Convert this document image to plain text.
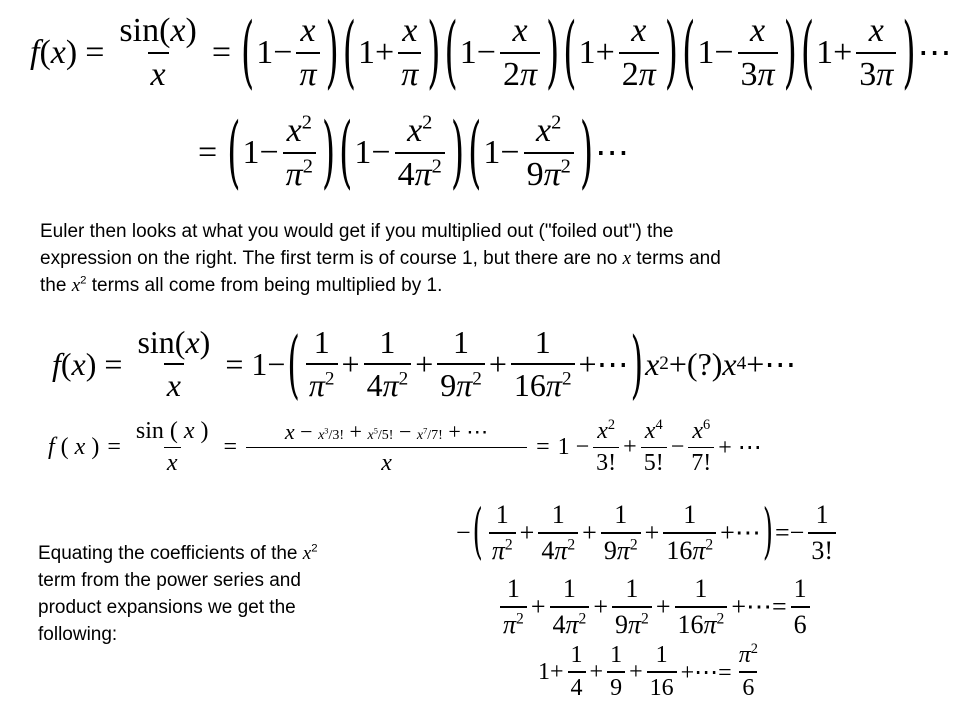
$f(x) = \frac{\sin(x)}{x}$ = ( $1- \frac{x}{\pi}$ ) ( $1+ \frac{x}{\pi}$ ) ( $1- \frac{x}{2\pi}$ ) ( $1+ \frac{x}{2\pi}$ ) ( $1- \frac{x}{3\pi}$ ) ( $1+ \frac{x}{3\pi}$ ) ⋯
= ( $1- \frac{x^2}{\pi^2}$ ) ( $1- \frac{x^2}{4\pi^2}$ ) ( $1- \frac{x^2}{9\pi^2}$ ) ⋯
Euler then looks at what you would get if you multiplied out ("foiled out") the
expression on the right. The first term is of course 1, but there are no x terms and
the $x^2$ terms all come from being multiplied by 1.
$f(x) = \frac{\sin(x)}{x} = 1-$ ( $\frac{1}{\pi^2} + \frac{1}{4\pi^2} + \frac{1}{9\pi^2} + \frac{1}{16\pi^2}$ +⋯ ) x 2 +(?) x 4 +⋯
f ( x ) = $\frac{\sin ( x )}{x} = \frac{x - x^3/3! + x^5/5! - x^7/7! + \cdots}{x} = 1 - \frac{x^2}{3!} + \frac{x^4}{5!} - \frac{x^6}{7!}$ + ⋯
Equating the coefficients of the $x^2$
term from the power series and
product expansions we get the
following:
− ( $\frac{1}{\pi^2} + \frac{1}{4\pi^2} + \frac{1}{9\pi^2} + \frac{1}{16\pi^2}$ +⋯ ) =− $\frac{1}{3!}$
$\frac{1}{\pi^2} + \frac{1}{4\pi^2} + \frac{1}{9\pi^2} + \frac{1}{16\pi^2}$ +⋯= $\frac{1}{6}$
$1+ \frac{1}{4} + \frac{1}{9} + \frac{1}{16}$ +⋯= $\frac{\pi^2}{6}$
